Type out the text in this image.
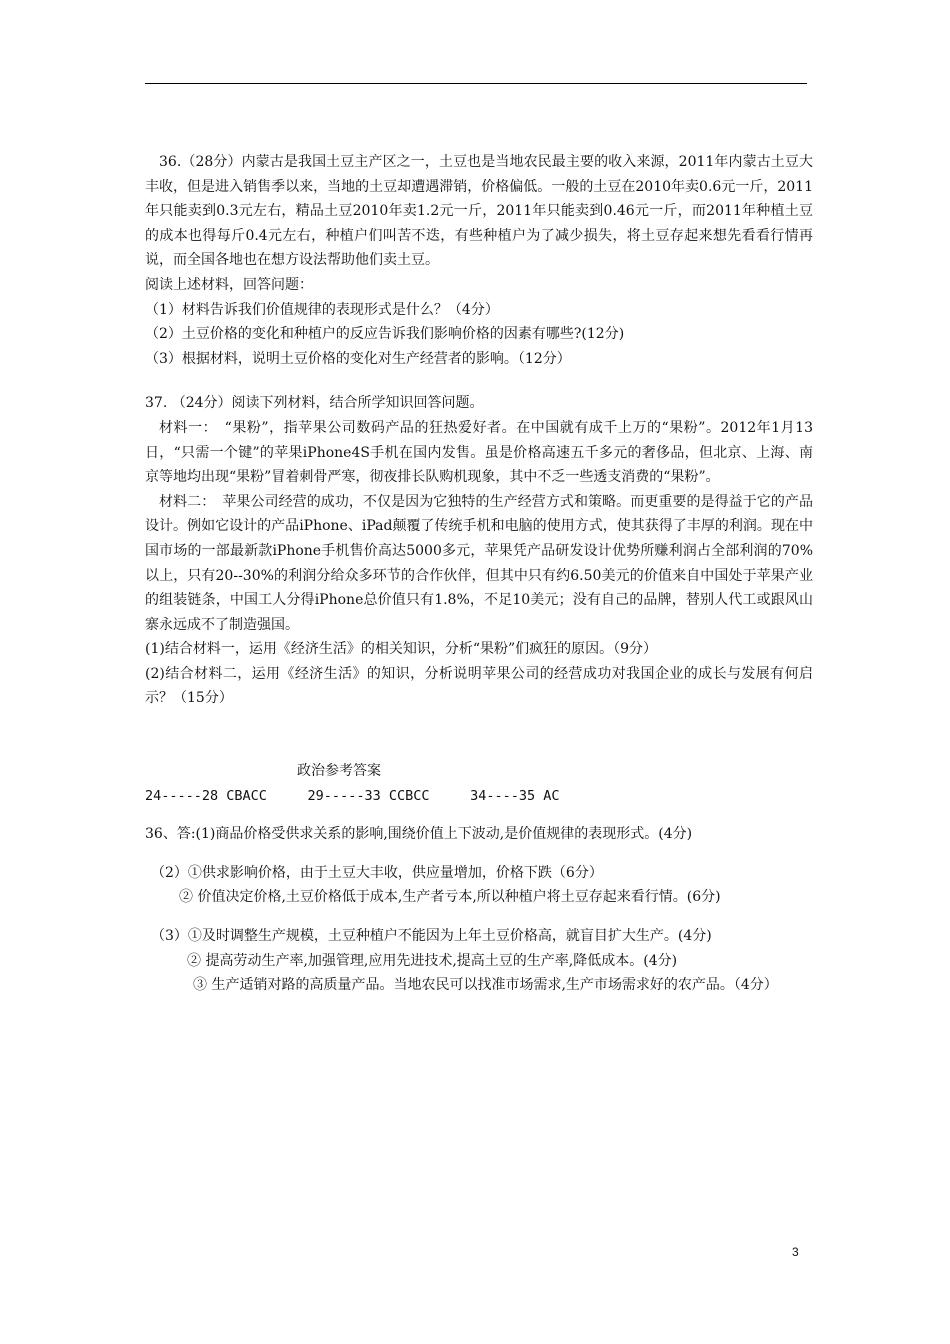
36.（28分）内蒙古是我国土豆主产区之一，土豆也是当地农民最主要的收入来源，2011年内蒙古土豆大丰收，但是进入销售季以来，当地的土豆却遭遇滞销，价格偏低。一般的土豆在2010年卖0.6元一斤，2011年只能卖到0.3元左右，精品土豆2010年卖1.2元一斤，2011年只能卖到0.46元一斤，而2011年种植土豆的成本也得每斤0.4元左右，种植户们叫苦不迭，有些种植户为了减少损失，将土豆存起来想先看看行情再说，而全国各地也在想方设法帮助他们卖土豆。

阅读上述材料，回答问题：

（1）材料告诉我们价值规律的表现形式是什么？（4分）

（2）土豆价格的变化和种植户的反应告诉我们影响价格的因素有哪些?(12分)

（3）根据材料，说明土豆价格的变化对生产经营者的影响。（12分）

37. （24分）阅读下列材料，结合所学知识回答问题。

材料一：　“果粉”，指苹果公司数码产品的狂热爱好者。在中国就有成千上万的“果粉”。2012年1月13日，“只需一个键”的苹果iPhone4S手机在国内发售。虽是价格高速五千多元的奢侈品，但北京、上海、南京等地均出现“果粉”冒着刺骨严寒，彻夜排长队购机现象，其中不乏一些透支消费的“果粉”。

材料二：　苹果公司经营的成功，不仅是因为它独特的生产经营方式和策略。而更重要的是得益于它的产品设计。例如它设计的产品iPhone、iPad颠覆了传统手机和电脑的使用方式，使其获得了丰厚的利润。现在中国市场的一部最新款iPhone手机售价高达5000多元，苹果凭产品研发设计优势所赚利润占全部利润的70%以上，只有20--30%的利润分给众多环节的合作伙伴，但其中只有约6.50美元的价值来自中国处于苹果产业的组装链条，中国工人分得iPhone总价值只有1.8%，不足10美元；没有自己的品牌，替别人代工或跟风山寨永远成不了制造强国。

(1)结合材料一，运用《经济生活》的相关知识，分析“果粉”们疯狂的原因。（9分）

(2)结合材料二，运用《经济生活》的知识，分析说明苹果公司的经营成功对我国企业的成长与发展有何启示？（15分）

政治参考答案

24-----28 CBACC     29-----33 CCBCC     34----35 AC

36、答:(1)商品价格受供求关系的影响,围绕价值上下波动,是价值规律的表现形式。(4分)

（2）①供求影响价格，由于土豆大丰收，供应量增加，价格下跌（6分）

② 价值决定价格,土豆价格低于成本,生产者亏本,所以种植户将土豆存起来看行情。(6分)

（3）①及时调整生产规模，土豆种植户不能因为上年土豆价格高，就盲目扩大生产。(4分)

② 提高劳动生产率,加强管理,应用先进技术,提高土豆的生产率,降低成本。(4分)

③ 生产适销对路的高质量产品。当地农民可以找准市场需求,生产市场需求好的农产品。（4分）

3
